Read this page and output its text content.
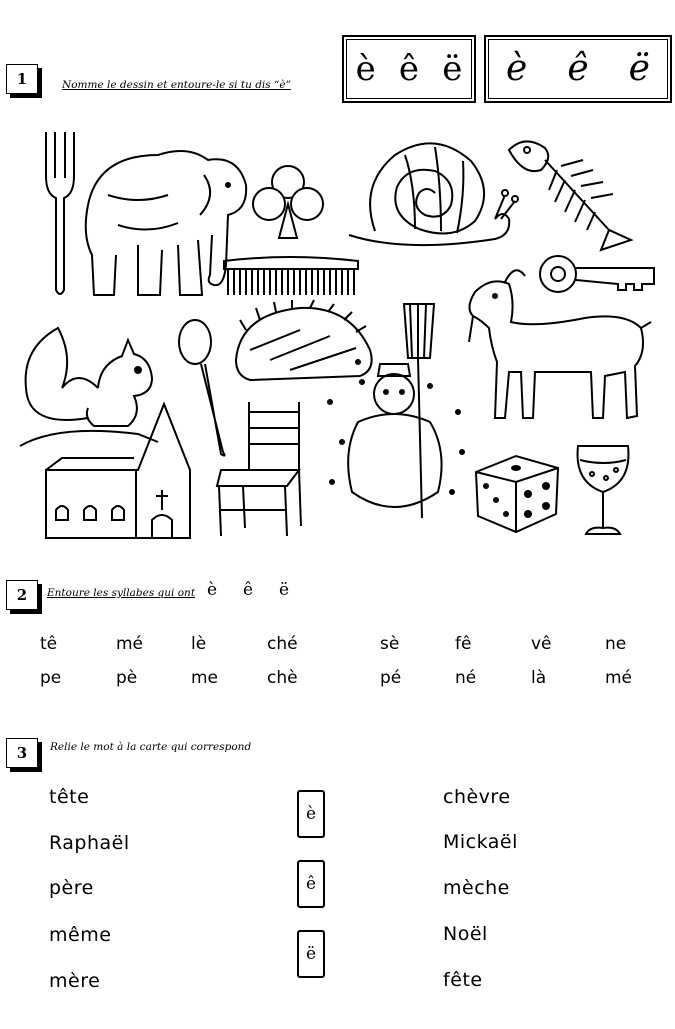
è ê ë è ê ë
1	Nomme le dessin et entoure-le si tu dis “è”
2	Entoure les syllabes qui ont è ê ë
tê	mé	lè	ché	sè	fê	vê	ne
pe	pè	me	chè	pé	né	là	mé
3	Relie le mot à la carte qui correspond
tête
Raphaël
père
même
mère
è
ê
ë
chèvre
Mickaël
mèche
Noël
fête
